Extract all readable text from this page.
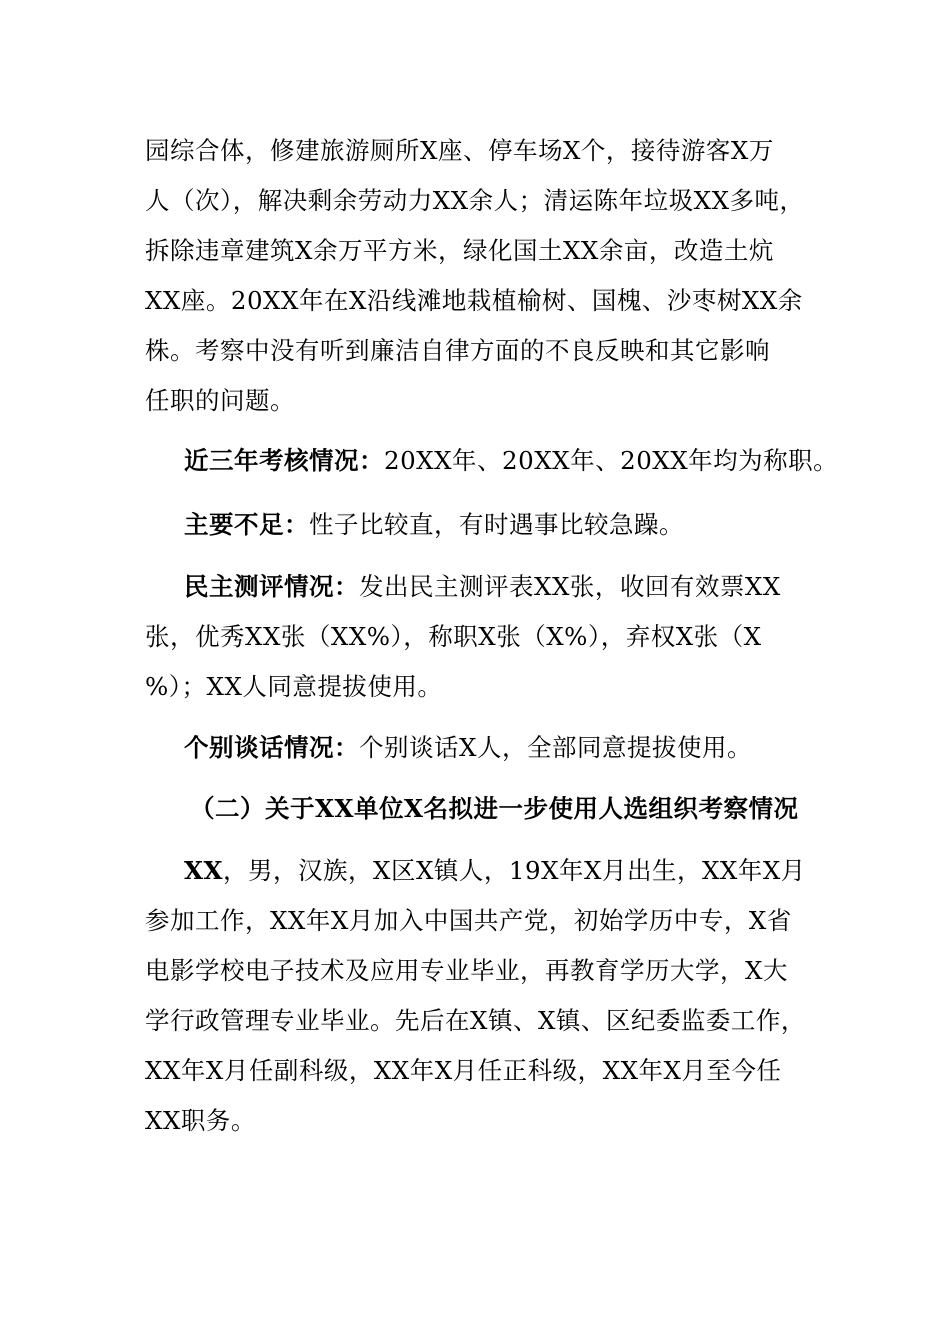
园综合体，修建旅游厕所X座、停车场X个，接待游客X万
人（次），解决剩余劳动力XX余人；清运陈年垃圾XX多吨，
拆除违章建筑X余万平方米，绿化国土XX余亩，改造土炕
XX座。20XX年在X沿线滩地栽植榆树、国槐、沙枣树XX余
株。考察中没有听到廉洁自律方面的不良反映和其它影响
任职的问题。
近三年考核情况：20XX年、20XX年、20XX年均为称职。
主要不足：性子比较直，有时遇事比较急躁。
民主测评情况：发出民主测评表XX张，收回有效票XX
张，优秀XX张（XX%），称职X张（X%），弃权X张（X
%）；XX人同意提拔使用。
个别谈话情况：个别谈话X人，全部同意提拔使用。
（二）关于XX单位X名拟进一步使用人选组织考察情况
XX，男，汉族，X区X镇人，19X年X月出生，XX年X月
参加工作，XX年X月加入中国共产党，初始学历中专，X省
电影学校电子技术及应用专业毕业，再教育学历大学，X大
学行政管理专业毕业。先后在X镇、X镇、区纪委监委工作，
XX年X月任副科级，XX年X月任正科级，XX年X月至今任
XX职务。
